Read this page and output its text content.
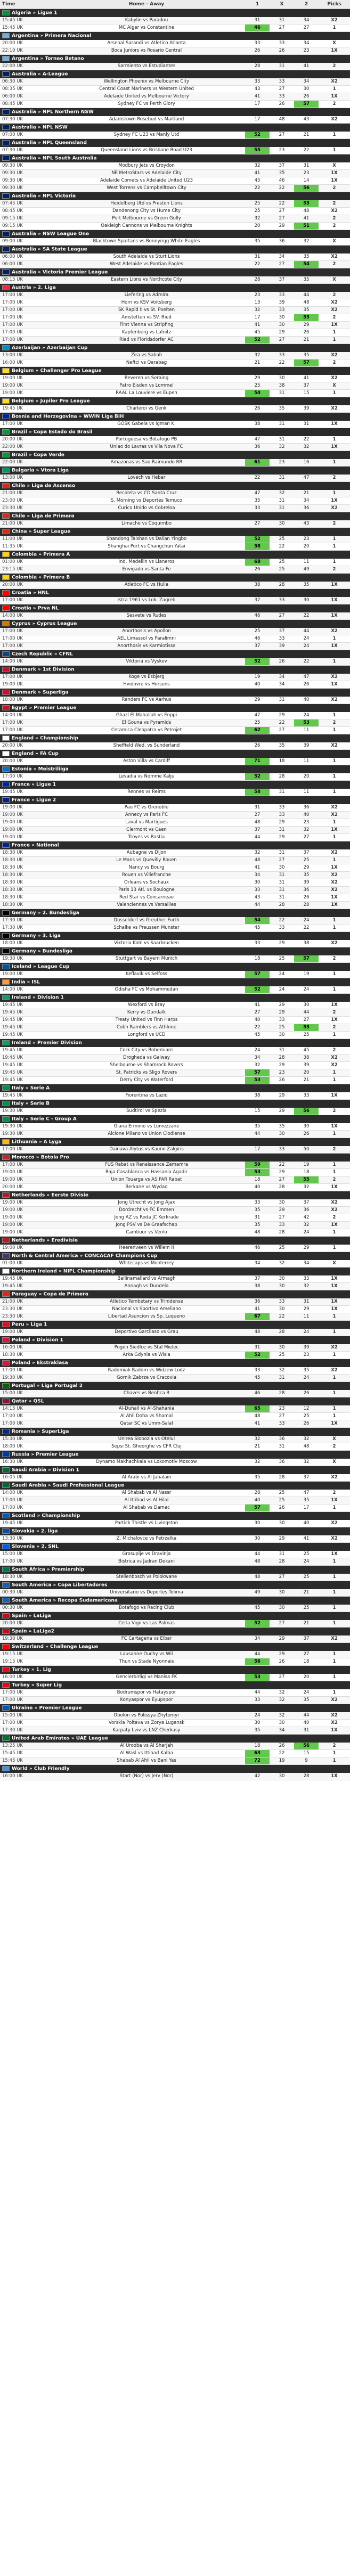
Time	Home - Away	1	X	2	Picks
Algeria » Ligue 1					
15:45 UK	Kabylie vs Paradou	31	31	34	X2
15:45 UK	MC Alger vs Constantine	46	27	27	1
Argentina » Primera Nacional					
20:00 UK	Arsenal Sarandi vs Atletico Atlanta	33	33	34	X
22:10 UK	Boca Juniors vs Rosario Central	26	26	23	1X
Argentina » Torneo Betano					
22:00 UK	Sarmiento vs Estudiantes	28	31	41	2
Australia » A-League					
06:30 UK	Wellington Phoenix vs Melbourne City	33	33	34	X2
08:35 UK	Central Coast Mariners vs Western United	43	27	30	1
06:00 UK	Adelaide United vs Melbourne Victory	41	33	26	1X
08:45 UK	Sydney FC vs Perth Glory	17	26	57	2
Australia » NPL Northern NSW					
07:30 UK	Adamstown Rosebud vs Maitland	17	48	43	X2
Australia » NPL NSW					
07:00 UK	Sydney FC U23 vs Manly Utd	52	27	21	1
Australia » NPL Queensland					
07:30 UK	Queensland Lions vs Brisbane Road U23	55	23	22	1
Australia » NPL South Australia					
09:30 UK	Modbury Jets vs Croydon	32	37	31	X
09:30 UK	NE MetroStars vs Adelaide City	41	35	23	1X
09:30 UK	Adelaide Comets vs Adelaide United U23	45	46	14	1X
09:30 UK	West Torrens vs Campbelltown City	22	22	56	2
Australia » NPL Victoria					
07:45 UK	Heidelberg Utd vs Preston Lions	25	22	53	2
08:45 UK	Dandenong City vs Hume City	25	27	48	X2
09:15 UK	Port Melbourne vs Green Gully	32	27	41	2
09:15 UK	Oakleigh Cannons vs Melbourne Knights	20	29	51	2
Australia » NSW League One					
09:00 UK	Blacktown Spartans vs Bonnyrigg White Eagles	35	36	32	X
Australia » SA State League					
06:00 UK	South Adelaide vs Sturt Lions	31	34	35	X2
06:00 UK	West Adelaide vs Pontian Eagles	22	27	54	2
Australia » Victoria Premier League					
08:15 UK	Eastern Lions vs Northcote City	28	37	35	X
Austria » 2. Liga					
17:00 UK	Liefering vs Admira	23	33	44	2
17:00 UK	Horn vs KSV Voitsberg	13	39	48	X2
17:00 UK	SK Rapid II vs St. Poelten	32	33	35	X2
17:00 UK	Amstetten vs SV. Ried	17	30	53	2
17:00 UK	First Vienna vs Stripfing	41	30	29	1X
17:00 UK	Kapfenberg vs Lafnitz	45	29	26	1
17:00 UK	Ried vs Floridsdorfer AC	52	27	21	1
Azerbaijan » Azerbaijan Cup					
13:00 UK	Zira vs Sabah	32	33	35	X2
16:00 UK	Neftci vs Qarabag	21	22	57	2
Belgium » Challenger Pro League					
19:00 UK	Beveren vs Seraing	29	30	41	X2
19:00 UK	Patro Eisden vs Lommel	25	38	37	X
19:00 UK	RAAL La Louviere vs Eupen	54	31	15	1
Belgium » Jupiler Pro League					
19:45 UK	Charleroi vs Genk	26	35	39	X2
Bosnia and Herzegovina » WWIN Liga BiH					
17:00 UK	GOSK Gabela vs Igman K.	38	31	31	1X
Brazil » Copa Estado do Brasil					
20:00 UK	Portuguesa vs Botafogo PB	47	31	22	1
22:00 UK	Uniao do Lavras vs Vila Nova FC	36	32	32	1X
Brazil » Copa Verde					
22:00 UK	Amazonas vs Sao Raimundo RR	61	23	16	1
Bulgaria » Vtora Liga					
13:00 UK	Lovech vs Hebar	22	31	47	2
Chile » Liga de Ascenso					
21:00 UK	Recoleta vs CD Santa Cruz	47	32	21	1
23:00 UK	S. Morning vs Deportes Temuco	35	31	34	1X
23:30 UK	Curico Unido vs Cobreloa	33	31	36	X2
Chile » Liga de Primera					
21:00 UK	Limache vs Coquimbo	27	30	43	2
China » Super League					
11:00 UK	Shandong Taishan vs Dalian Yingbo	52	25	23	1
11:35 UK	Shanghai Port vs Changchun Yatai	58	22	20	1
Colombia » Primera A					
01:00 UK	Ind. Medellin vs Llaneros	68	25	11	1
23:15 UK	Envigado vs Santa Fe	26	25	49	2
Colombia » Primera B					
20:00 UK	Atletico FC vs Huila	38	28	35	1X
Croatia » HNL					
17:00 UK	Istra 1961 vs Lok. Zagreb	37	33	30	1X
Croatia » Prva NL					
14:00 UK	Sesvete vs Rudes	46	27	22	1X
Cyprus » Cyprus League					
17:00 UK	Anorthosis vs Apollon	25	37	44	X2
17:00 UK	AEL Limassol vs Paralimni	46	33	24	1
17:00 UK	Anorthosis vs Karmiotissa	37	39	24	1X
Czech Republic » CFNL					
14:00 UK	Viktoria vs Vyskov	52	26	22	1
Denmark » 1st Division					
17:00 UK	Koge vs Esbjerg	19	34	47	X2
19:00 UK	Hvidovre vs Horsens	40	34	26	1X
Denmark » Superliga					
18:00 UK	Randers FC vs Aarhus	29	31	40	X2
Egypt » Premier League					
14:00 UK	Ghazl El Mahallah vs Enppi	47	29	24	1
17:00 UK	El Gouna vs Pyramids	25	22	53	2
17:00 UK	Ceramica Cleopatra vs Petrojet	62	27	11	1
England » Championship					
20:00 UK	Sheffield Wed. vs Sunderland	26	35	39	X2
England » FA Cup					
20:00 UK	Aston Villa vs Cardiff	71	18	11	1
Estonia » Meistriliiga					
17:00 UK	Levadia vs Nomme Kalju	52	28	20	1
France » Ligue 1					
19:45 UK	Rennes vs Reims	58	31	11	1
France » Ligue 2					
19:00 UK	Pau FC vs Grenoble	31	33	36	X2
19:00 UK	Annecy vs Paris FC	27	33	40	X2
19:00 UK	Laval vs Martigues	48	29	23	1
19:00 UK	Clermont vs Caen	37	31	32	1X
19:00 UK	Troyes vs Bastia	44	29	27	1
France » National					
18:30 UK	Aubagne vs Dijon	32	31	37	X2
18:30 UK	Le Mans vs Quevilly Rouen	48	27	25	1
18:30 UK	Nancy vs Bourg	41	30	29	1X
18:30 UK	Rouen vs Villefranche	34	31	35	X2
18:30 UK	Orleans vs Sochaux	30	31	39	X2
18:30 UK	Paris 13 Atl. vs Boulogne	33	31	36	X2
18:30 UK	Red Star vs Concarneau	43	31	26	1X
18:30 UK	Valenciennes vs Versailles	44	28	28	1X
Germany » 2. Bundesliga					
17:30 UK	Dusseldorf vs Greuther Furth	54	22	24	1
17:30 UK	Schalke vs Preussen Munster	45	33	22	1
Germany » 3. Liga					
18:00 UK	Viktoria Koln vs Saarbrucken	33	29	38	X2
Germany » Bundesliga					
19:30 UK	Stuttgart vs Bayern Munich	18	25	57	2
Iceland » League Cup					
19:00 UK	Keflavik vs Selfoss	57	24	19	1
India » ISL					
14:00 UK	Odisha FC vs Mohammedan	52	24	24	1
Ireland » Division 1					
19:45 UK	Wexford vs Bray	41	29	30	1X
19:45 UK	Kerry vs Dundalk	27	29	44	2
19:45 UK	Treaty United vs Finn Harps	40	33	27	1X
19:45 UK	Cobh Ramblers vs Athlone	22	25	53	2
19:45 UK	Longford vs UCD	45	30	25	1
Ireland » Premier Division					
19:45 UK	Cork City vs Bohemians	24	31	45	2
19:45 UK	Drogheda vs Galway	34	28	38	X2
19:45 UK	Shelbourne vs Shamrock Rovers	32	29	39	X2
19:45 UK	St. Patricks vs Sligo Rovers	57	23	20	1
19:45 UK	Derry City vs Waterford	53	26	21	1
Italy » Serie A					
19:45 UK	Fiorentina vs Lazio	38	29	33	1X
Italy » Serie B					
19:30 UK	Sudtirol vs Spezia	15	29	56	2
Italy » Serie C - Group A					
19:30 UK	Giana Erminio vs Lumezzane	35	35	30	1X
19:30 UK	Alcione Milano vs Union Clodiense	44	30	26	1
Lithuania » A Lyga					
17:00 UK	Dainava Alytus vs Kauno Zalgiris	17	33	50	2
Morocco » Botola Pro					
17:00 UK	FUS Rabat vs Renaissance Zemamra	59	22	19	1
19:00 UK	Raja Casablanca vs Hassania Agadir	53	29	18	1
19:00 UK	Union Touarga vs AS FAR Rabat	18	27	55	2
20:00 UK	Berkane vs Wydad	40	28	32	1X
Netherlands » Eerste Divisie					
19:00 UK	Jong Utrecht vs Jong Ajax	33	30	37	X2
19:00 UK	Dordrecht vs FC Emmen	35	29	36	X2
19:00 UK	Jong AZ vs Roda JC Kerkrade	31	27	42	2
19:00 UK	Jong PSV vs De Graafschap	35	33	32	1X
19:00 UK	Cambuur vs Venlo	48	28	24	1
Netherlands » Eredivisie					
19:00 UK	Heerenveen vs Willem II	46	25	29	1
North & Central America » CONCACAF Champions Cup					
01:00 UK	Whitecaps vs Monterrey	34	32	34	X
Northern Ireland » NIFL Championship					
19:45 UK	Ballinamallard vs Armagh	37	30	33	1X
19:45 UK	Annagh vs Dundela	38	30	32	1X
Paraguay » Copa de Primera					
21:00 UK	Atletico Tembetary vs Trinidense	36	33	31	1X
23:30 UK	Nacional vs Sportivo Ameliano	41	30	29	1X
23:30 UK	Libertad Asuncion vs Sp. Luqueno	67	22	11	1
Peru » Liga 1					
19:00 UK	Deportivo Garcilaso vs Grau	48	28	24	1
Poland » Division 1					
16:00 UK	Pogon Siedlce vs Stal Mielec	31	30	39	X2
18:30 UK	Arka Gdynia vs Wisla	52	25	23	1
Poland » Ekstraklasa					
17:00 UK	Radomiak Radom vs Widzew Lodz	33	32	35	X2
19:30 UK	Gornik Zabrze vs Cracovia	45	31	24	1
Portugal » Liga Portugal 2					
15:00 UK	Chaves vs Benfica B	46	28	26	1
Qatar » QSL					
14:15 UK	Al-Duhail vs Al-Shahania	65	23	12	1
17:00 UK	Al Ahli Doha vs Shamal	48	27	25	1
17:00 UK	Qatar SC vs Umm-Salal	41	33	26	1X
Romania » SuperLiga					
15:30 UK	Unirea Slobozia vs Otelul	32	36	32	X
18:00 UK	Sepsi St. Gheorghe vs CFR Cluj	21	31	48	2
Russia » Premier League					
16:30 UK	Dynamo Makhachkala vs Lokomotiv Moscow	32	36	32	X
Saudi Arabia » Division 1					
16:05 UK	Al Arabi vs Al Jabalain	35	28	37	X2
Saudi Arabia » Saudi Professional League					
14:00 UK	Al Shabab vs Al Nassr	28	25	47	2
17:00 UK	Al Ittihad vs Al Hilal	40	25	35	1X
17:00 UK	Al Shabab vs Damac	57	26	17	1
Scotland » Championship					
19:45 UK	Partick Thistle vs Livingston	30	30	40	X2
Slovakia » 2. liga					
13:30 UK	Z. Michalovce vs Petrzalka	30	29	41	X2
Slovenia » 2. SNL					
15:00 UK	Grosuplje vs Dravinja	44	31	25	1X
17:00 UK	Bistrica vs Jadran Dekani	48	28	24	1
South Africa » Premiership					
18:30 UK	Stellenbosch vs Polokwane	48	27	25	1
South America » Copa Libertadores					
00:30 UK	Universitario vs Deportes Tolima	49	30	21	1
South America » Recopa Sudamericana					
00:30 UK	Botafogo vs Racing Club	45	30	25	1
Spain » LaLiga					
20:00 UK	Celta Vigo vs Las Palmas	52	27	21	1
Spain » LaLiga2					
19:30 UK	FC Cartagena vs Eibar	34	29	37	X2
Switzerland » Challenge League					
19:15 UK	Lausanne Ouchy vs Wil	44	29	27	1
19:15 UK	Thun vs Stade Nyonnais	56	26	18	1
Turkey » 1. Lig					
16:00 UK	Genclerbirligi vs Manisa FK	53	27	20	1
Turkey » Super Lig					
17:00 UK	Bodrumspor vs Hatayspor	44	32	24	1
17:00 UK	Konyaspor vs Eyupspor	33	32	35	X2
Ukraine » Premier League					
15:00 UK	Obolon vs Polissya Zhytomyr	24	32	44	X2
17:00 UK	Vorskla Poltava vs Zorya Lugansk	30	30	40	X2
17:30 UK	Karpaty Lviv vs LNZ Cherkasy	35	34	31	1X
United Arab Emirates » UAE League					
13:25 UK	Al Urooba vs Al Sharjah	18	26	56	2
15:45 UK	Al Wasl vs Ittihad Kalba	63	22	15	1
15:45 UK	Shabab Al Ahli vs Bani Yas	72	19	9	1
World » Club Friendly					
16:00 UK	Start (Nor) vs Jerv (Nor)	42	30	28	1X
